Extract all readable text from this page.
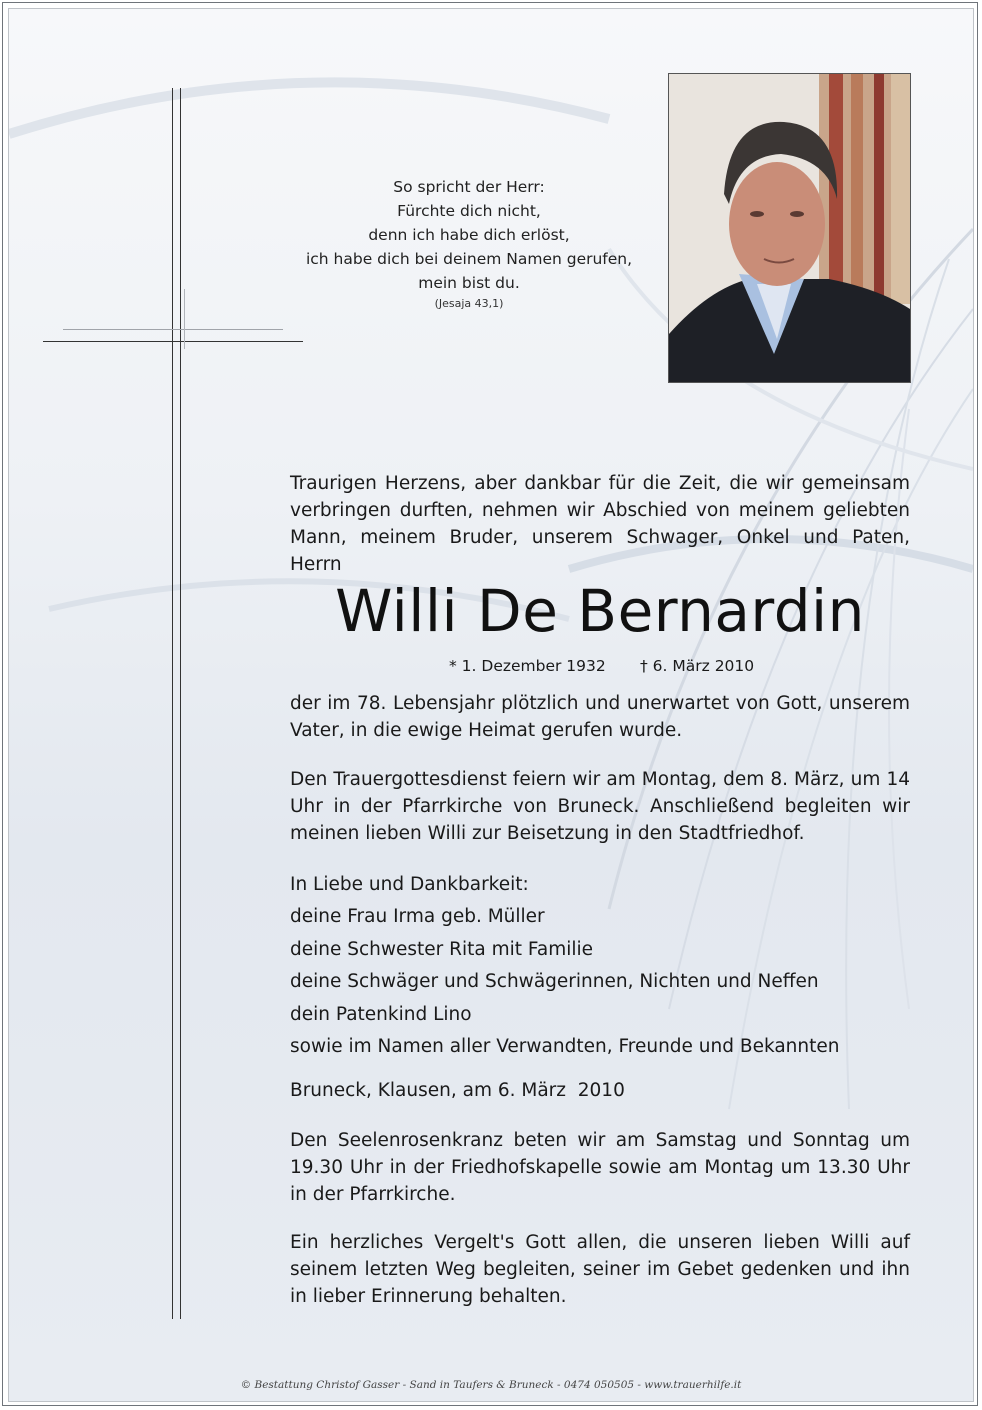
So spricht der Herr:
Fürchte dich nicht,
denn ich habe dich erlöst,
ich habe dich bei deinem Namen gerufen,
mein bist du.
(Jesaja 43,1)
Traurigen Herzens, aber dankbar für die Zeit, die wir gemeinsam verbringen durften, nehmen wir Abschied von meinem geliebten Mann, meinem Bruder, unserem Schwager, Onkel und Paten, Herrn
Willi De Bernardin
* 1. Dezember 1932 † 6. März 2010
der im 78. Lebensjahr plötzlich und unerwartet von Gott, unserem Vater, in die ewige Heimat gerufen wurde.
Den Trauergottesdienst feiern wir am Montag, dem 8. März, um 14 Uhr in der Pfarrkirche von Bruneck. Anschließend begleiten wir meinen lieben Willi zur Beisetzung in den Stadtfriedhof.
In Liebe und Dankbarkeit:
deine Frau Irma geb. Müller
deine Schwester Rita mit Familie
deine Schwäger und Schwägerinnen, Nichten und Neffen
dein Patenkind Lino
sowie im Namen aller Verwandten, Freunde und Bekannten
Bruneck, Klausen, am 6. März  2010
Den Seelenrosenkranz beten wir am Samstag und Sonntag um 19.30 Uhr in der Friedhofskapelle sowie am Montag um 13.30 Uhr in der Pfarrkirche.
Ein herzliches Vergelt's Gott allen, die unseren lieben Willi auf seinem letzten Weg begleiten, seiner im Gebet gedenken und ihn in lieber Erinnerung behalten.
© Bestattung Christof Gasser - Sand in Taufers & Bruneck - 0474 050505 - www.trauerhilfe.it
